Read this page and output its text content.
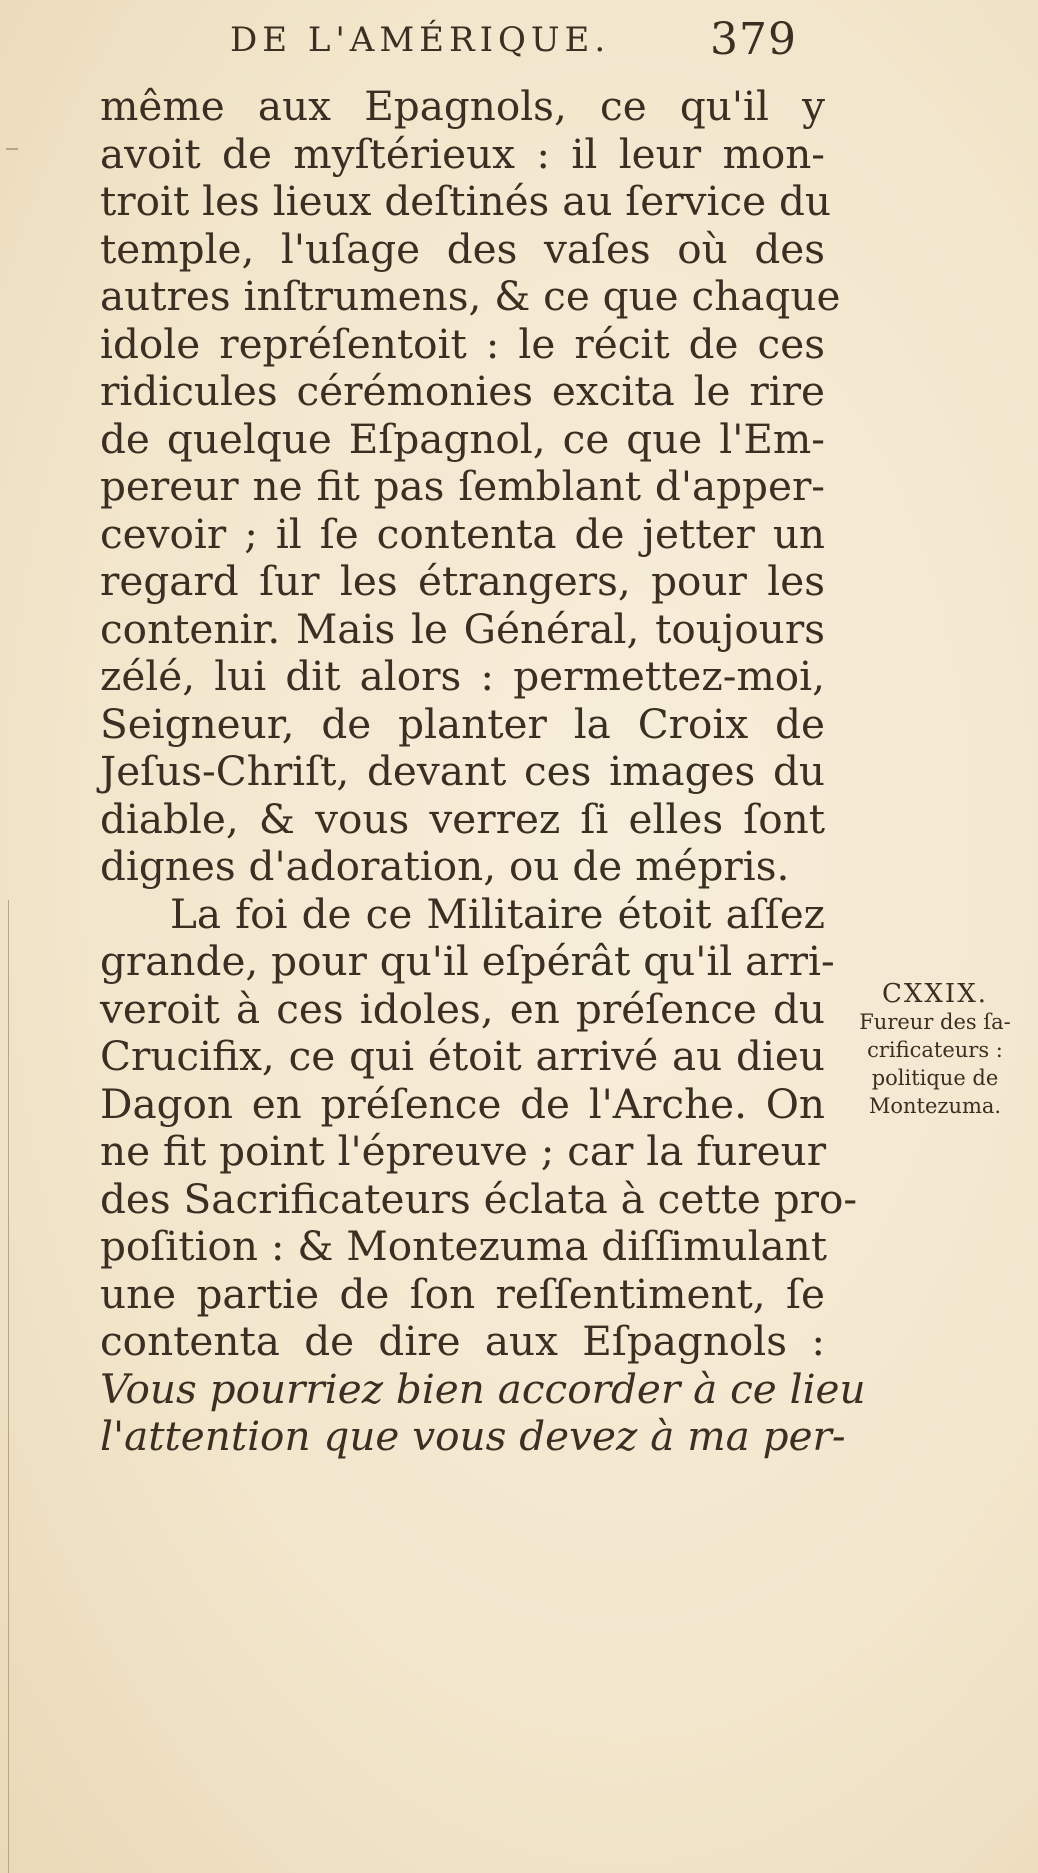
DE L'AMÉRIQUE. 379
même aux Epagnols, ce qu'il y
avoit de myſtérieux : il leur mon-
troit les lieux deſtinés au ſervice du
temple, l'uſage des vaſes où des
autres inſtrumens, & ce que chaque
idole repréſentoit : le récit de ces
ridicules cérémonies excita le rire
de quelque Eſpagnol, ce que l'Em-
pereur ne fit pas ſemblant d'apper-
cevoir ; il ſe contenta de jetter un
regard ſur les étrangers, pour les
contenir. Mais le Général, toujours
zélé, lui dit alors : permettez-moi,
Seigneur, de planter la Croix de
Jeſus-Chriſt, devant ces images du
diable, & vous verrez ſi elles ſont
dignes d'adoration, ou de mépris.
La foi de ce Militaire étoit aſſez
grande, pour qu'il eſpérât qu'il arri-
veroit à ces idoles, en préſence du
Crucifix, ce qui étoit arrivé au dieu
Dagon en préſence de l'Arche. On
ne fit point l'épreuve ; car la fureur
des Sacrificateurs éclata à cette pro-
poſition : & Montezuma diſſimulant
une partie de ſon reſſentiment, ſe
contenta de dire aux Eſpagnols :
Vous pourriez bien accorder à ce lieu
l'attention que vous devez à ma per-
CXXIX.
Fureur des ſa-
crificateurs :
politique de
Montezuma.
